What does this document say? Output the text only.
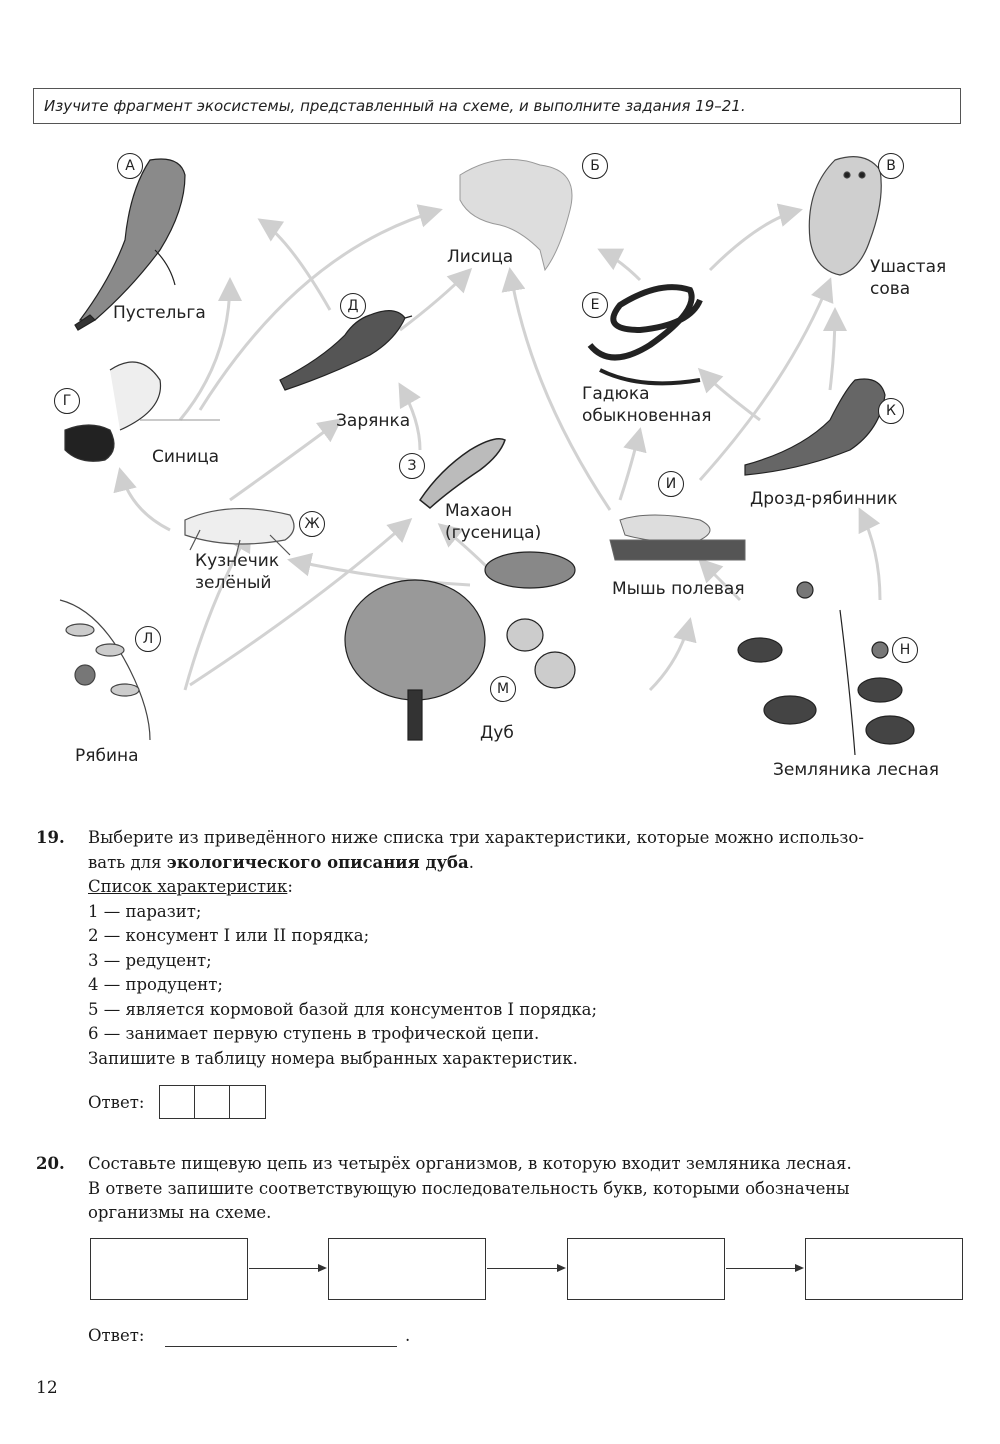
Изучите фрагмент экосистемы, представленный на схеме, и выполните задания 19–21.
А	Б	В
Г
Д	Е
Ж
З
И
К
Л
М
Н
Пустельга
Лисица	Ушастая
сова
Синица
Зарянка
Гадюка
обыкновенная
Кузнечик
зелёный
Махаон
(гусеница)
Мышь полевая
Дрозд-рябинник
Рябина
Дуб
Земляника лесная
19. Выберите из приведённого ниже списка три характеристики, которые можно использо-
вать для экологического описания дуба.
Список характеристик:
1 — паразит;
2 — консумент I или II порядка;
3 — редуцент;
4 — продуцент;
5 — является кормовой базой для консументов I порядка;
6 — занимает первую ступень в трофической цепи.
Запишите в таблицу номера выбранных характеристик.
Ответ:
20. Составьте пищевую цепь из четырёх организмов, в которую входит земляника лесная.
В ответе запишите соответствующую последовательность букв, которыми обозначены
организмы на схеме.
Ответ:	.
12
